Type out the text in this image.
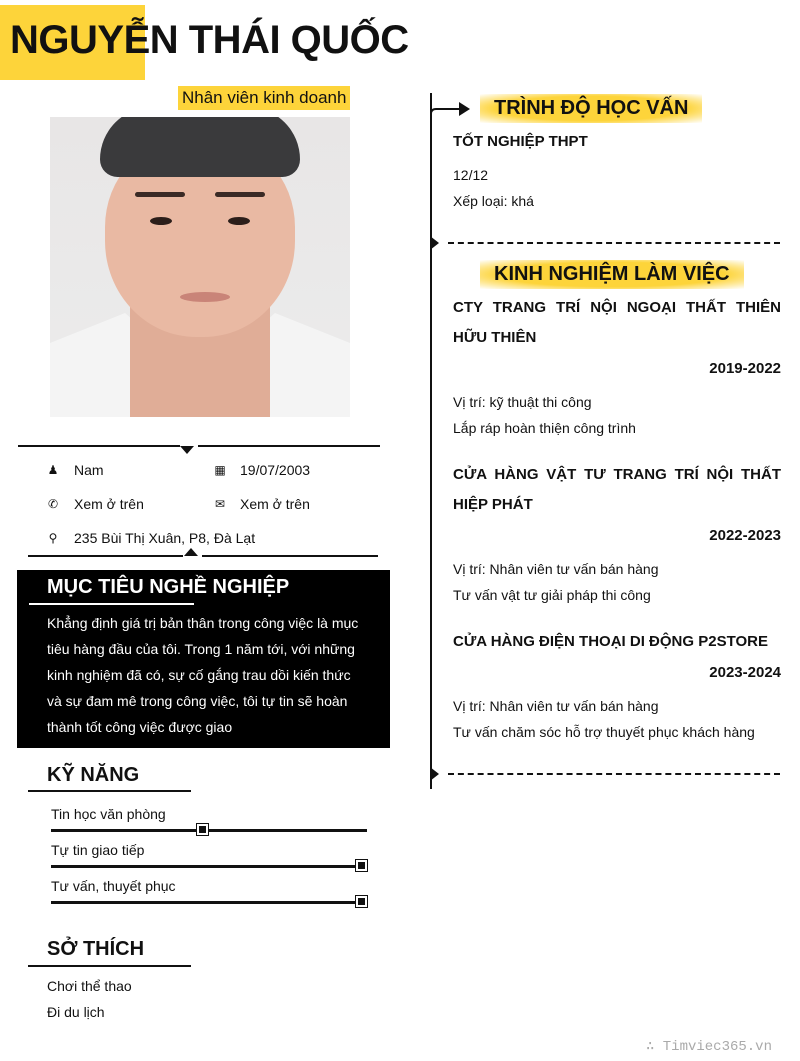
NGUYỄN THÁI QUỐC
Nhân viên kinh doanh
♟ Nam	▦ 19/07/2003
✆ Xem ở trên	✉ Xem ở trên
⚲ 235 Bùi Thị Xuân, P8, Đà Lạt
MỤC TIÊU NGHỀ NGHIỆP
Khẳng định giá trị bản thân trong công việc là mục tiêu hàng đầu của tôi. Trong 1 năm tới, với những kinh nghiệm đã có, sự cố gắng trau dồi kiến thức và sự đam mê trong công việc, tôi tự tin sẽ hoàn thành tốt công việc được giao
KỸ NĂNG
Tin học văn phòng
Tự tin giao tiếp
Tư vấn, thuyết phục
SỞ THÍCH
Chơi thể thao
Đi du lịch
TRÌNH ĐỘ HỌC VẤN
TỐT NGHIỆP THPT
12/12
Xếp loại: khá
KINH NGHIỆM LÀM VIỆC
CTY TRANG TRÍ NỘI NGOẠI THẤT THIÊN HỮU THIÊN
2019-2022
Vị trí: kỹ thuật thi công
Lắp ráp hoàn thiện công trình
CỬA HÀNG VẬT TƯ TRANG TRÍ NỘI THẤT HIỆP PHÁT
2022-2023
Vị trí: Nhân viên tư vấn bán hàng
Tư vấn vật tư giải pháp thi công
CỬA HÀNG ĐIỆN THOẠI DI ĐỘNG P2STORE
2023-2024
Vị trí: Nhân viên tư vấn bán hàng
Tư vấn chăm sóc hỗ trợ thuyết phục khách hàng
∴ Timviec365.vn
